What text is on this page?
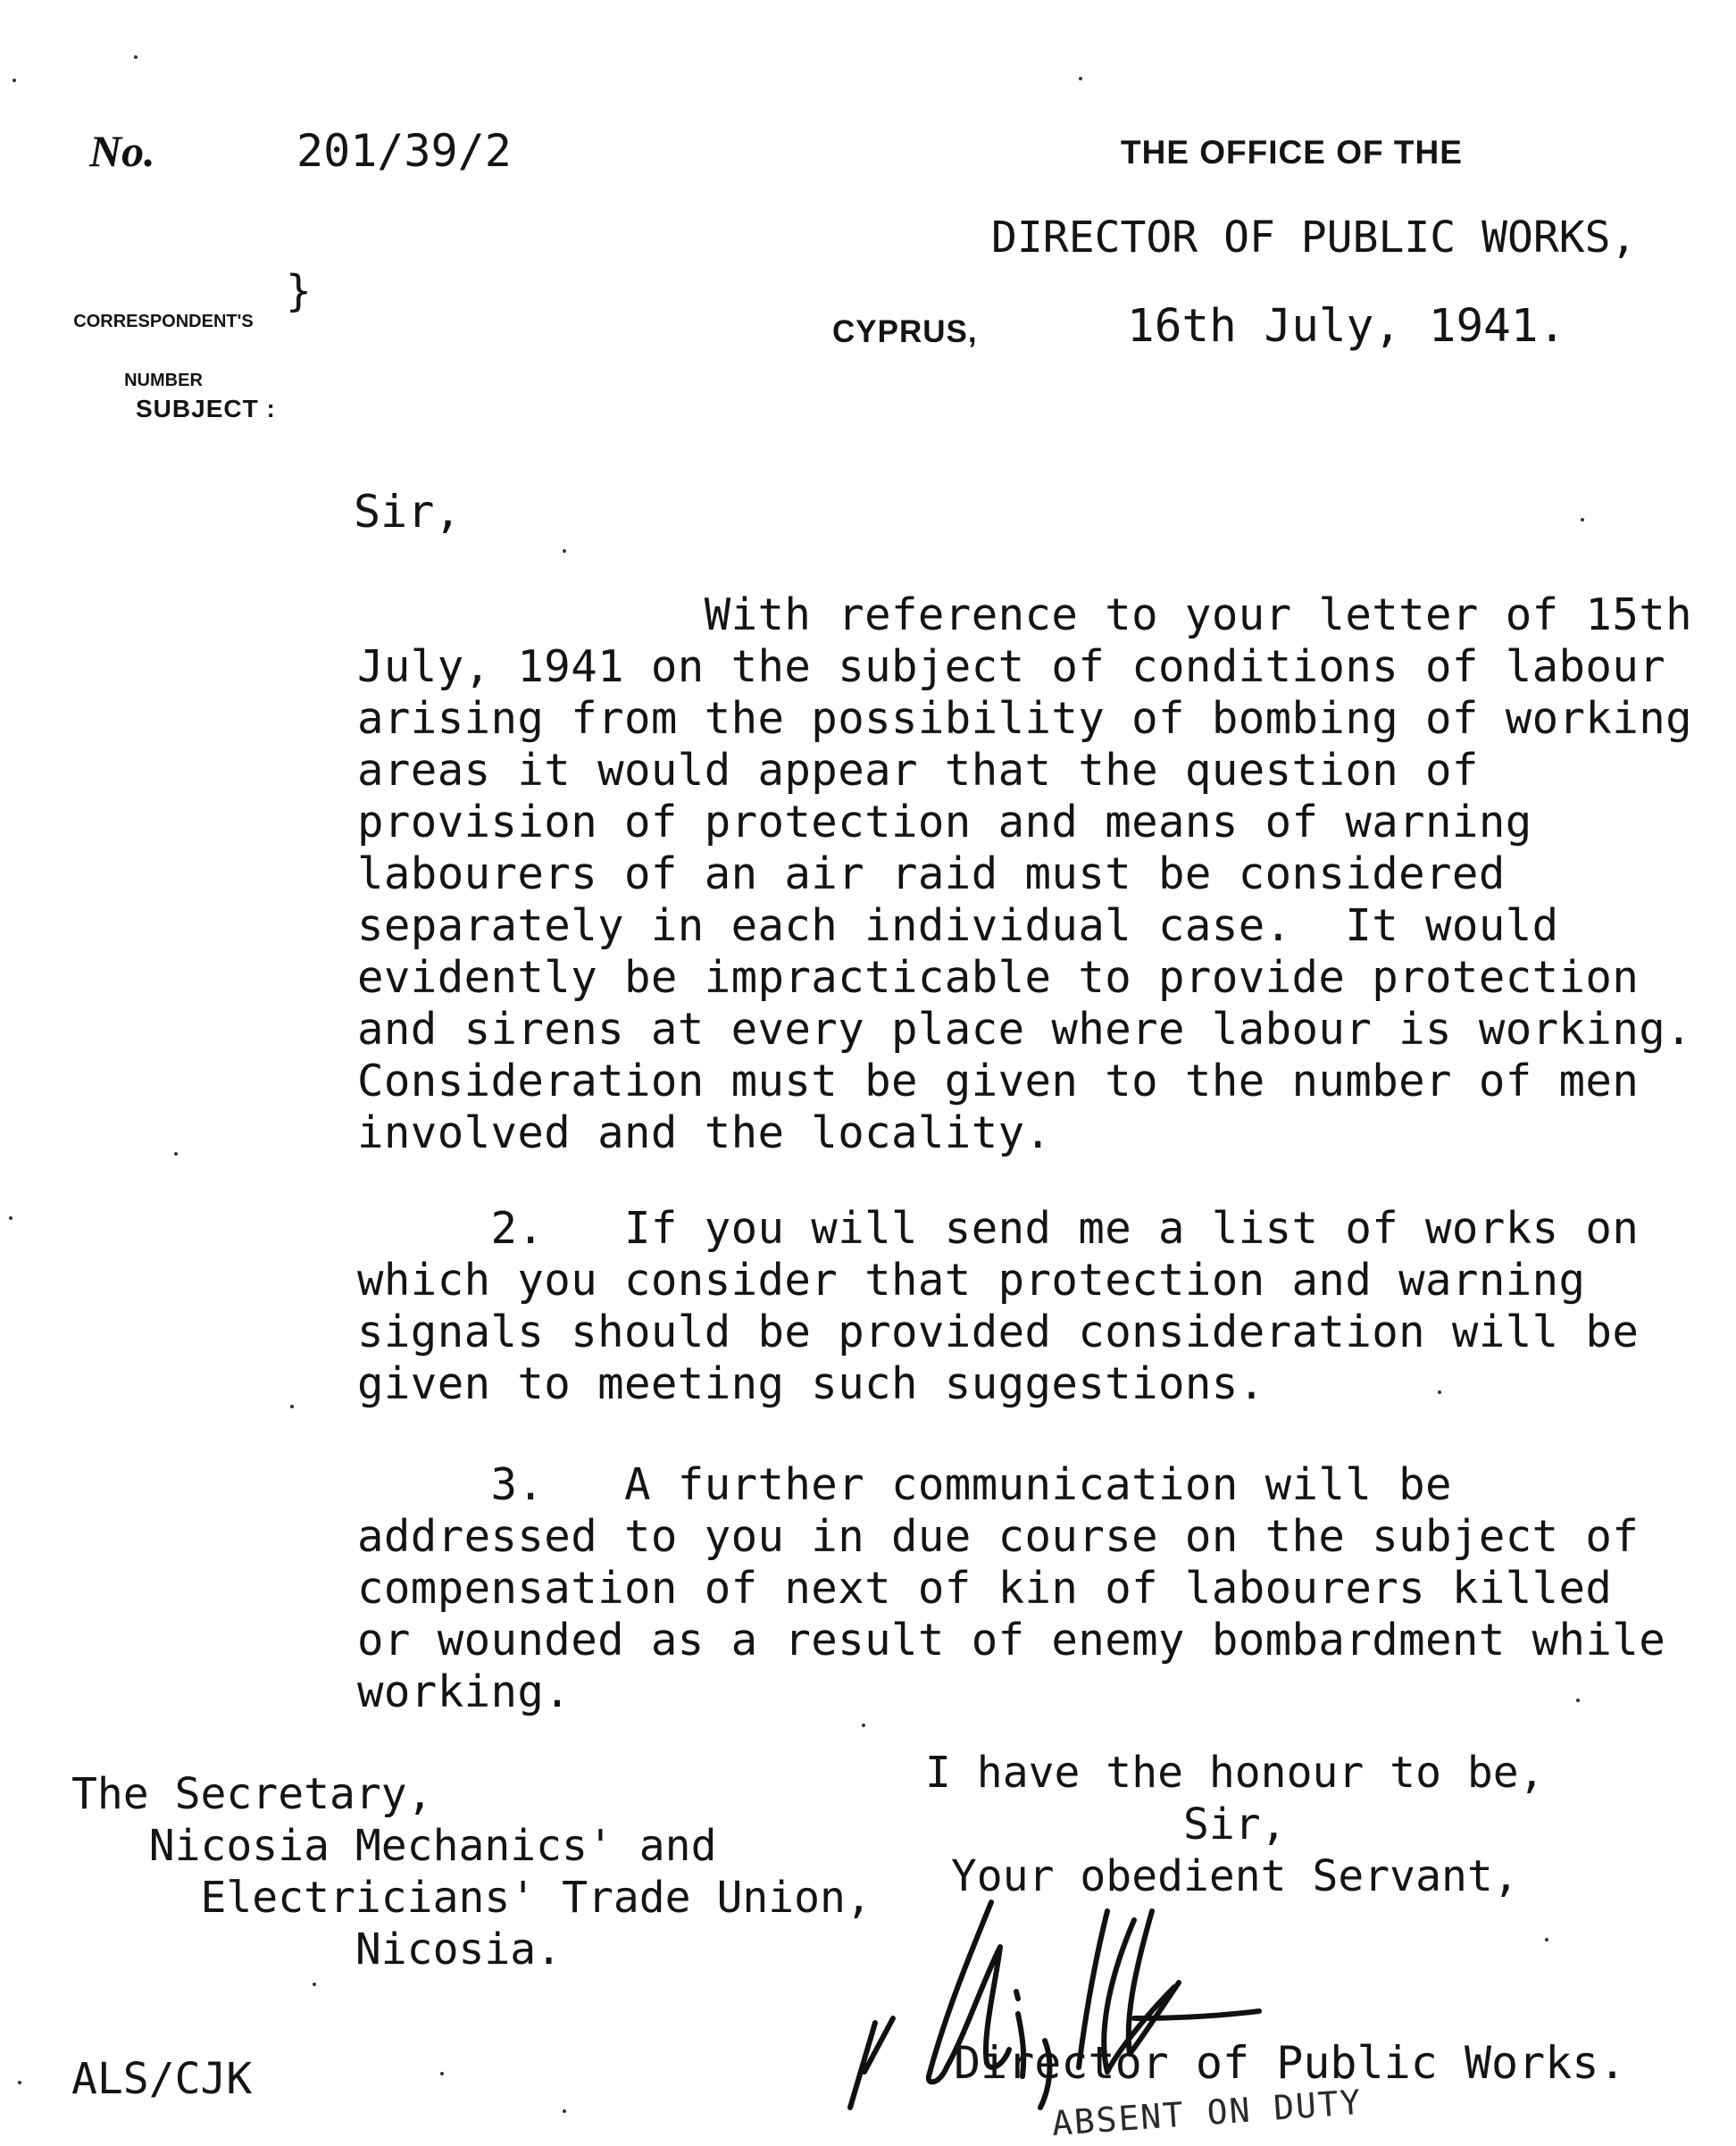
No.	201/39/2	THE OFFICE OF THE
DIRECTOR OF PUBLIC WORKS,

CORRESPONDENT'S

NUMBER

}
CYPRUS,	16th July, 1941.
SUBJECT :
Sir,
With reference to your letter of 15th
July, 1941 on the subject of conditions of labour
arising from the possibility of bombing of working
areas it would appear that the question of
provision of protection and means of warning
labourers of an air raid must be considered
separately in each individual case.  It would
evidently be impracticable to provide protection
and sirens at every place where labour is working.
Consideration must be given to the number of men
involved and the locality.
2.   If you will send me a list of works on
which you consider that protection and warning
signals should be provided consideration will be
given to meeting such suggestions.
3.   A further communication will be
addressed to you in due course on the subject of
compensation of next of kin of labourers killed
or wounded as a result of enemy bombardment while
working.
The Secretary,
Nicosia Mechanics' and
Electricians' Trade Union,
Nicosia.
I have the honour to be,
Sir,
Your obedient Servant,
Director of Public Works.
ABSENT ON DUTY
ALS/CJK
